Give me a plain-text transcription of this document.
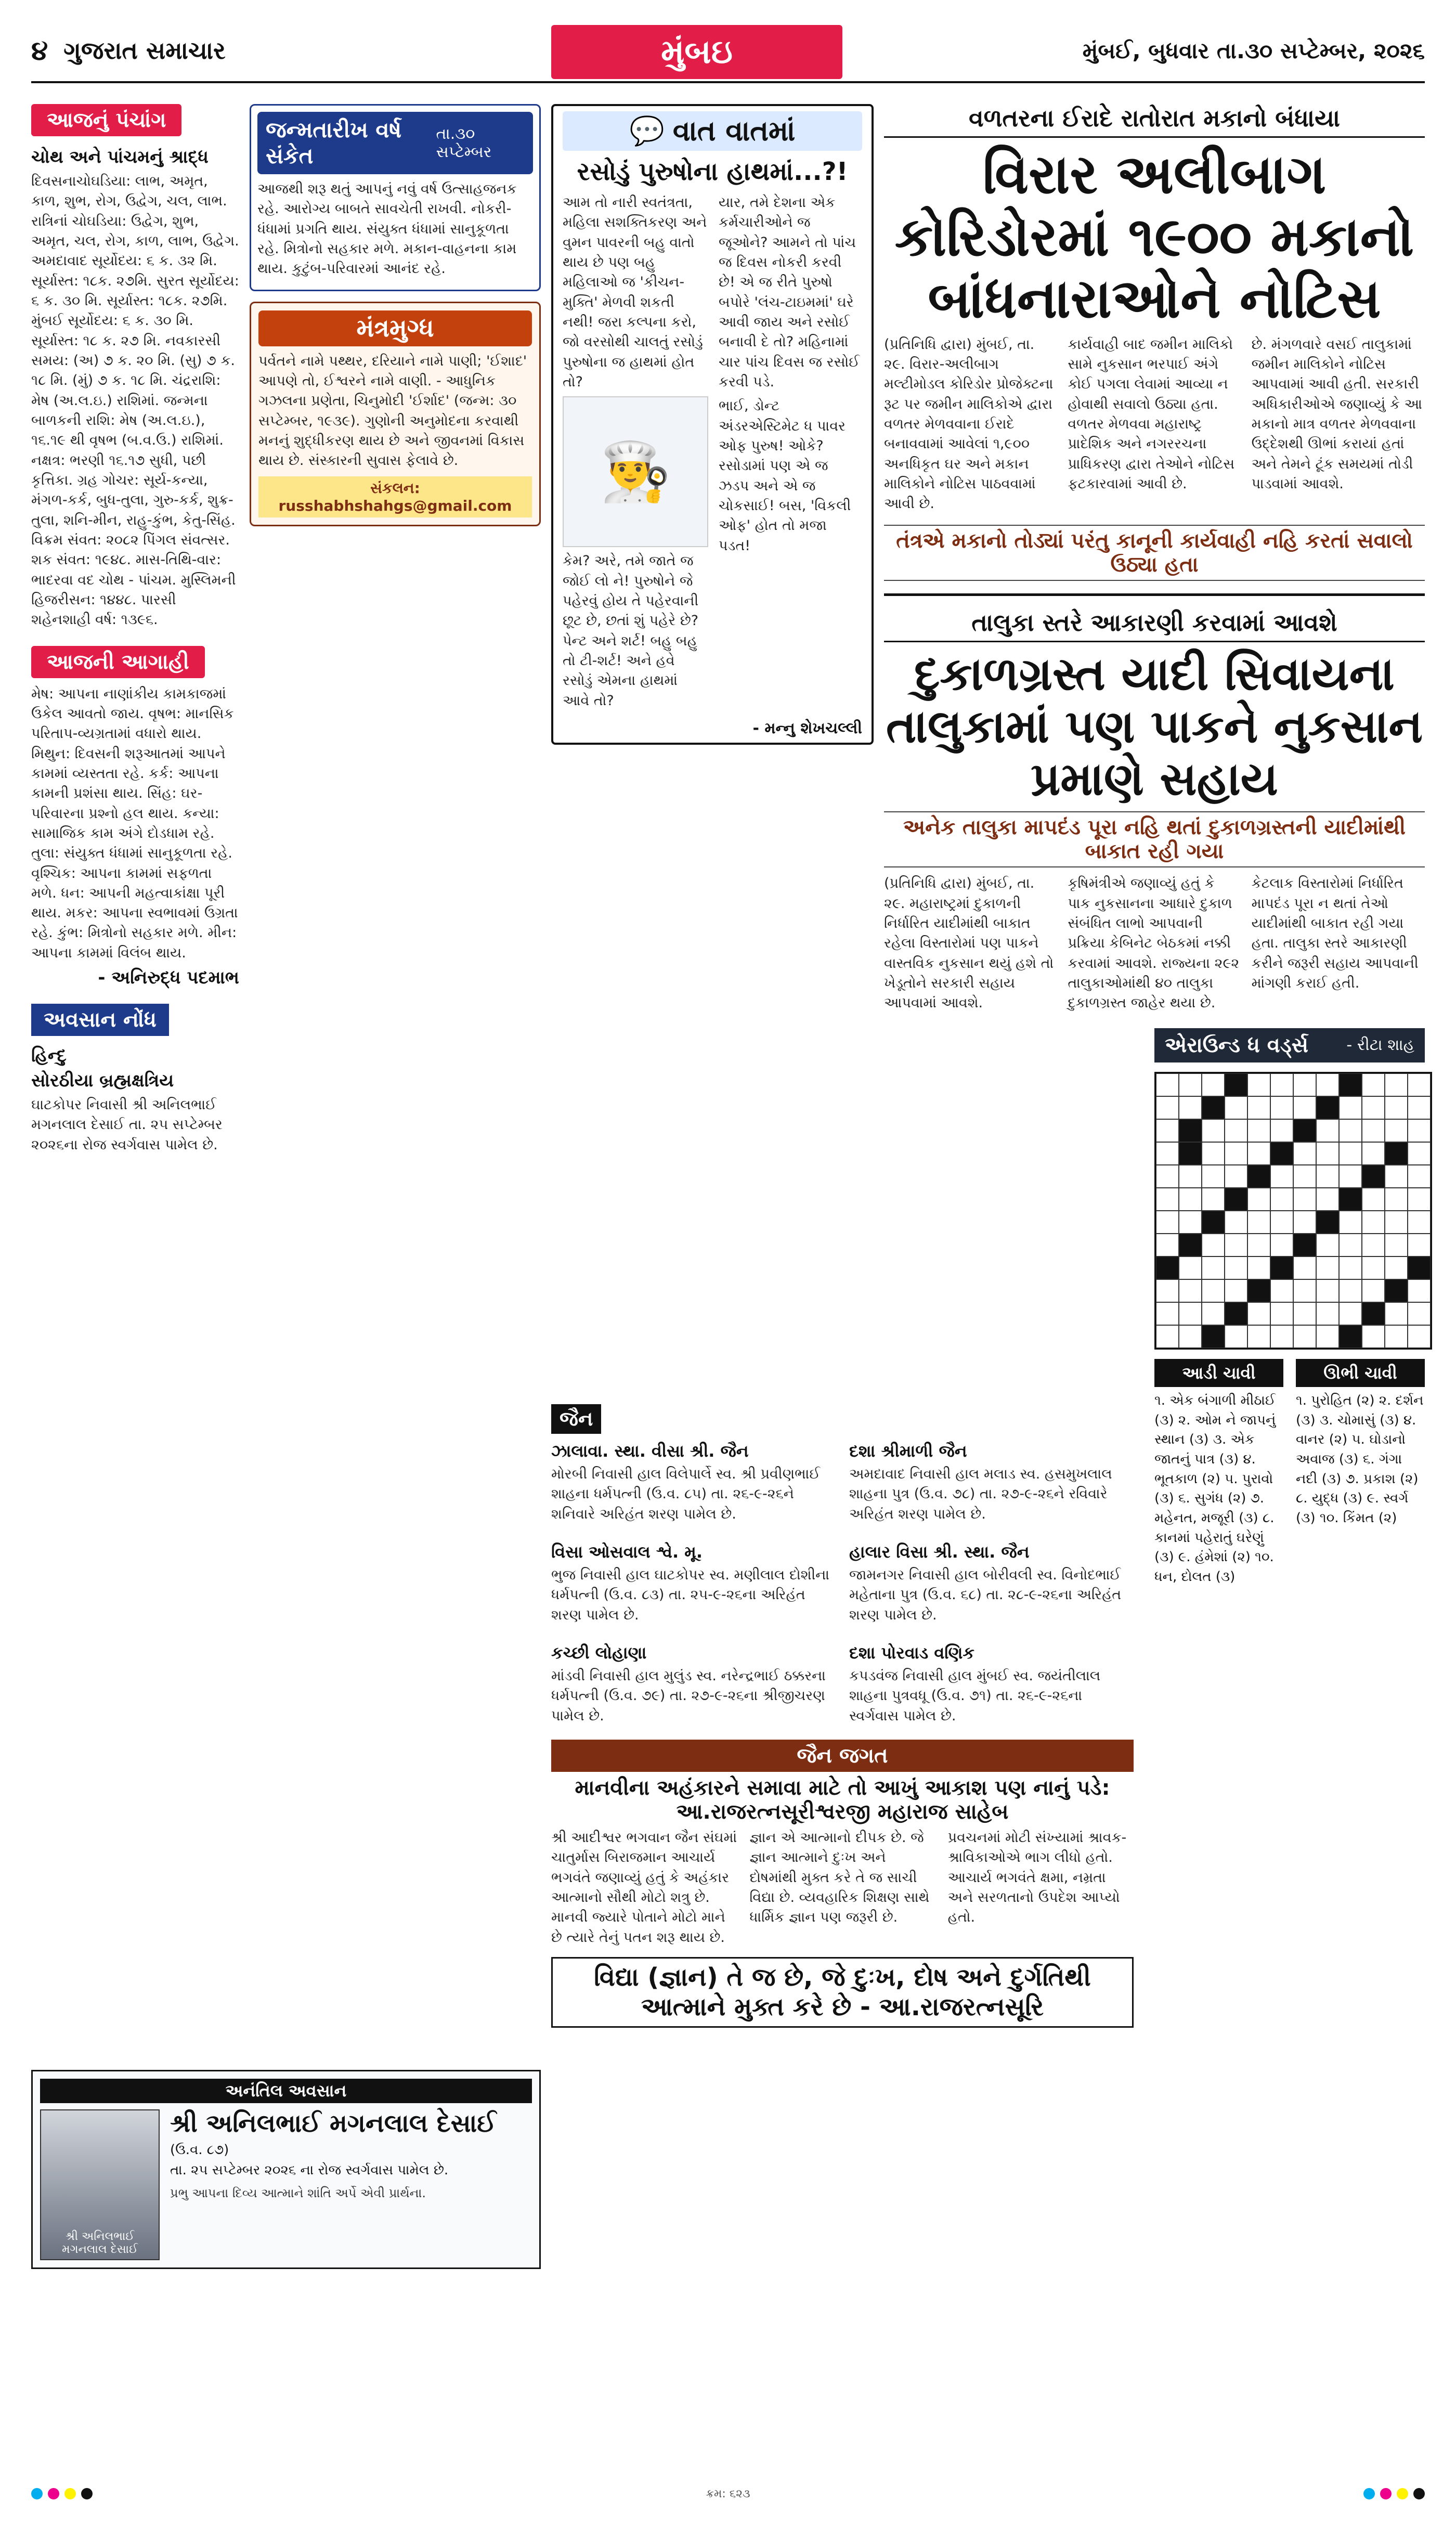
૪ ગુજરાત સમાચાર	મુંબઇ	મુંબઈ, બુધવાર તા.૩૦ સપ્ટેમ્બર, ૨૦૨૬
આજનું પંચાંગ
ચોથ અને પાંચમનું શ્રાદ્ધ
દિવસનાચોઘડિયા: લાભ, અમૃત, કાળ, શુભ, રોગ, ઉદ્વેગ, ચલ, લાભ. રાત્રિનાં ચોઘડિયા: ઉદ્વેગ, શુભ, અમૃત, ચલ, રોગ, કાળ, લાભ, ઉદ્વેગ. અમદાવાદ સૂર્યોદય: ૬ ક. ૩૨ મિ. સૂર્યાસ્ત: ૧૮ક. ૨૭મિ. સુરત સૂર્યોદય: ૬ ક. ૩૦ મિ. સૂર્યાસ્ત: ૧૮ક. ૨૭મિ. મુંબઈ સૂર્યોદય: ૬ ક. ૩૦ મિ. સૂર્યાસ્ત: ૧૮ ક. ૨૭ મિ. નવકારસી સમય: (અ) ૭ ક. ૨૦ મિ. (સુ) ૭ ક. ૧૮ મિ. (મું) ૭ ક. ૧૮ મિ. ચંદ્રરાશિ: મેષ (અ.લ.ઇ.) રાશિમાં. જન્મના બાળકની રાશિ: મેષ (અ.લ.ઇ.), ૧૬.૧૯ થી વૃષભ (બ.વ.ઉ.) રાશિમાં. નક્ષત્ર: ભરણી ૧૬.૧૭ સુધી, પછી કૃત્તિકા. ગ્રહ ગોચર: સૂર્ય-કન્યા, મંગળ-કર્ક, બુધ-તુલા, ગુરુ-કર્ક, શુક્ર-તુલા, શનિ-મીન, રાહુ-કુંભ, કેતુ-સિંહ. વિક્રમ સંવત: ૨૦૮૨ પિંગલ સંવત્સર. શક સંવત: ૧૯૪૮. માસ-તિથિ-વાર: ભાદરવા વદ ચોથ - પાંચમ. મુસ્લિમની હિજરીસન: ૧૪૪૮. પારસી શહેનશાહી વર્ષ: ૧૩૯૬.
આજની આગાહી
મેષ: આપના નાણાંકીય કામકાજમાં ઉકેલ આવતો જાય. વૃષભ: માનસિક પરિતાપ-વ્યગ્રતામાં વધારો થાય. મિથુન: દિવસની શરૂઆતમાં આપને કામમાં વ્યસ્તતા રહે. કર્ક: આપના કામની પ્રશંસા થાય. સિંહ: ઘર-પરિવારના પ્રશ્નો હલ થાય. કન્યા: સામાજિક કામ અંગે દોડધામ રહે. તુલા: સંયુક્ત ધંધામાં સાનુકૂળતા રહે. વૃશ્ચિક: આપના કામમાં સફળતા મળે. ધન: આપની મહત્વાકાંક્ષા પૂરી થાય. મકર: આપના સ્વભાવમાં ઉગ્રતા રહે. કુંભ: મિત્રોનો સહકાર મળે. મીન: આપના કામમાં વિલંબ થાય.
- અનિરુદ્ધ પદમાભ
અવસાન નોંધ
હિન્દુ
સોરઠીયા બ્રહ્મક્ષત્રિય
ઘાટકોપર નિવાસી શ્રી અનિલભાઈ મગનલાલ દેસાઈ તા. ૨૫ સપ્ટેમ્બર ૨૦૨૬ના રોજ સ્વર્ગવાસ પામેલ છે.
અનંતિલ અવસાન
શ્રી અનિલભાઈ મગનલાલ દેસાઈ
શ્રી અનિલભાઈ મગનલાલ દેસાઈ
(ઉ.વ. ૮૭)
તા. ૨૫ સપ્ટેમ્બર ૨૦૨૬ ના રોજ સ્વર્ગવાસ પામેલ છે.
પ્રભુ આપના દિવ્ય આત્માને શાંતિ અર્પે એવી પ્રાર્થના.
જન્મતારીખ વર્ષ સંકેત
તા.૩૦ સપ્ટેમ્બર
આજથી શરૂ થતું આપનું નવું વર્ષ ઉત્સાહજનક રહે. આરોગ્ય બાબતે સાવચેતી રાખવી. નોકરી-ધંધામાં પ્રગતિ થાય. સંયુક્ત ધંધામાં સાનુકૂળતા રહે. મિત્રોનો સહકાર મળે. મકાન-વાહનના કામ થાય. કુટુંબ-પરિવારમાં આનંદ રહે.
મંત્રમુગ્ધ
પર્વતને નામે પથ્થર, દરિયાને નામે પાણી; 'ઈશાદ' આપણે તો, ઈશ્વરને નામે વાણી. - આધુનિક ગઝલના પ્રણેતા, ચિનુમોદી 'ઈર્શાદ' (જન્મ: ૩૦ સપ્ટેમ્બર, ૧૯૩૯). ગુણોની અનુમોદના કરવાથી મનનું શુદ્ધીકરણ થાય છે અને જીવનમાં વિકાસ થાય છે. સંસ્કારની સુવાસ ફેલાવે છે.
સંકલન: russhabhshahgs@gmail.com
💬 વાત વાતમાં
રસોડું પુરુષોના હાથમાં...?!
આમ તો નારી સ્વતંત્રતા, મહિલા સશક્તિકરણ અને વુમન પાવરની બહુ વાતો થાય છે પણ બહુ મહિલાઓ જ 'કીચન-મુક્તિ' મેળવી શકતી નથી! જરા કલ્પના કરો, જો વરસોથી ચાલતું રસોડું પુરુષોના જ હાથમાં હોત તો?
👨‍🍳
કેમ? અરે, તમે જાતે જ જોઈ લો ને! પુરુષોને જે પહેરવું હોય તે પહેરવાની છૂટ છે, છતાં શું પહેરે છે? પેન્ટ અને શર્ટ! બહુ બહુ તો ટી-શર્ટ! અને હવે રસોડું એમના હાથમાં આવે તો?
યાર, તમે દેશના એક કર્મચારીઓને જ જૂઓને? આમને તો પાંચ જ દિવસ નોકરી કરવી છે! એ જ રીતે પુરુષો બપોરે 'લંચ-ટાઇમમાં' ઘરે આવી જાય અને રસોઈ બનાવી દે તો? મહિનામાં ચાર પાંચ દિવસ જ રસોઈ કરવી પડે.
ભાઈ, ડોન્ટ અંડરએસ્ટિમેટ ધ પાવર ઓફ પુરુષ! ઓકે? રસોડામાં પણ એ જ ઝડપ અને એ જ ચોકસાઈ! બસ, 'વિકલી ઓફ' હોત તો મજા પડત!
- મન્નુ શેખચલ્લી
વળતરના ઈરાદે રાતોરાત મકાનો બંધાયા
વિરાર અલીબાગ કોરિડોરમાં ૧૯૦૦ મકાનો બાંધનારાઓને નોટિસ
(પ્રતિનિધિ દ્વારા) મુંબઈ, તા. ૨૯. વિરાર-અલીબાગ મલ્ટીમોડલ કોરિડોર પ્રોજેક્ટના રૂટ પર જમીન માલિકોએ દ્વારા વળતર મેળવવાના ઈરાદે બનાવવામાં આવેલાં ૧,૯૦૦ અનધિકૃત ઘર અને મકાન માલિકોને નોટિસ પાઠવવામાં આવી છે.
કાર્યવાહી બાદ જમીન માલિકો સામે નુકસાન ભરપાઈ અંગે કોઈ પગલા લેવામાં આવ્યા ન હોવાથી સવાલો ઉઠ્યા હતા. વળતર મેળવવા મહારાષ્ટ્ર પ્રાદેશિક અને નગરરચના પ્રાધિકરણ દ્વારા તેઓને નોટિસ ફટકારવામાં આવી છે.
છે. મંગળવારે વસઈ તાલુકામાં જમીન માલિકોને નોટિસ આપવામાં આવી હતી. સરકારી અધિકારીઓએ જણાવ્યું કે આ મકાનો માત્ર વળતર મેળવવાના ઉદ્દેશથી ઊભાં કરાયાં હતાં અને તેમને ટૂંક સમયમાં તોડી પાડવામાં આવશે.
તંત્રએ મકાનો તોડ્યાં પરંતુ કાનૂની કાર્યવાહી નહિ કરતાં સવાલો ઉઠ્યા હતા
તાલુકા સ્તરે આકારણી કરવામાં આવશે
દુકાળગ્રસ્ત યાદી સિવાયના તાલુકામાં પણ પાકને નુકસાન પ્રમાણે સહાય
અનેક તાલુકા માપદંડ પૂરા નહિ થતાં દુકાળગ્રસ્તની યાદીમાંથી બાકાત રહી ગયા
(પ્રતિનિધિ દ્વારા) મુંબઈ, તા. ૨૯. મહારાષ્ટ્રમાં દુકાળની નિર્ધારિત યાદીમાંથી બાકાત રહેલા વિસ્તારોમાં પણ પાકને વાસ્તવિક નુકસાન થયું હશે તો ખેડૂતોને સરકારી સહાય આપવામાં આવશે.
કૃષિમંત્રીએ જણાવ્યું હતું કે પાક નુકસાનના આધારે દુકાળ સંબંધિત લાભો આપવાની પ્રક્રિયા કેબિનેટ બેઠકમાં નક્કી કરવામાં આવશે. રાજ્યના ૨૯૨ તાલુકાઓમાંથી ૪૦ તાલુકા દુકાળગ્રસ્ત જાહેર થયા છે.
કેટલાક વિસ્તારોમાં નિર્ધારિત માપદંડ પૂરા ન થતાં તેઓ યાદીમાંથી બાકાત રહી ગયા હતા. તાલુકા સ્તરે આકારણી કરીને જરૂરી સહાય આપવાની માંગણી કરાઈ હતી.
એરાઉન્ડ ધ વર્ડ્સ - રીટા શાહ
આડી ચાવી
૧. એક બંગાળી મીઠાઈ (૩) ૨. ઓમ ને જાપનું સ્થાન (૩) ૩. એક જાતનું પાત્ર (૩) ૪. ભૂતકાળ (૨) ૫. પુરાવો (૩) ૬. સુગંધ (૨) ૭. મહેનત, મજૂરી (૩) ૮. કાનમાં પહેરાતું ઘરેણું (૩) ૯. હંમેશાં (૨) ૧૦. ધન, દોલત (૩)
ઊભી ચાવી
૧. પુરોહિત (૨) ૨. દર્શન (૩) ૩. ચોમાસું (૩) ૪. વાનર (૨) ૫. ઘોડાનો અવાજ (૩) ૬. ગંગા નદી (૩) ૭. પ્રકાશ (૨) ૮. યુદ્ધ (૩) ૯. સ્વર્ગ (૩) ૧૦. કિંમત (૨)
જૈન
ઝાલાવા. સ્થા. વીસા શ્રી. જૈન
મોરબી નિવાસી હાલ વિલેપાર્લે સ્વ. શ્રી પ્રવીણભાઈ શાહના ધર્મપત્ની (ઉ.વ. ૮૫) તા. ૨૬-૯-૨૬ને શનિવારે અરિહંત શરણ પામેલ છે.
દશા શ્રીમાળી જૈન
અમદાવાદ નિવાસી હાલ મલાડ સ્વ. હસમુખલાલ શાહના પુત્ર (ઉ.વ. ૭૮) તા. ૨૭-૯-૨૬ને રવિવારે અરિહંત શરણ પામેલ છે.
વિસા ઓસવાલ શ્વે. મૂ.
ભુજ નિવાસી હાલ ઘાટકોપર સ્વ. મણીલાલ દોશીના ધર્મપત્ની (ઉ.વ. ૮૩) તા. ૨૫-૯-૨૬ના અરિહંત શરણ પામેલ છે.
હાલાર વિસા શ્રી. સ્થા. જૈન
જામનગર નિવાસી હાલ બોરીવલી સ્વ. વિનોદભાઈ મહેતાના પુત્ર (ઉ.વ. ૬૮) તા. ૨૮-૯-૨૬ના અરિહંત શરણ પામેલ છે.
કચ્છી લોહાણા
માંડવી નિવાસી હાલ મુલુંડ સ્વ. નરેન્દ્રભાઈ ઠક્કરના ધર્મપત્ની (ઉ.વ. ૭૯) તા. ૨૭-૯-૨૬ના શ્રીજીચરણ પામેલ છે.
દશા પોરવાડ વણિક
કપડવંજ નિવાસી હાલ મુંબઈ સ્વ. જયંતીલાલ શાહના પુત્રવધૂ (ઉ.વ. ૭૧) તા. ૨૬-૯-૨૬ના સ્વર્ગવાસ પામેલ છે.
જૈન જગત
માનવીના અહંકારને સમાવા માટે તો આખું આકાશ પણ નાનું પડે: આ.રાજરત્નસૂરીશ્વરજી મહારાજ સાહેબ
શ્રી આદીશ્વર ભગવાન જૈન સંઘમાં ચાતુર્માસ બિરાજમાન આચાર્ય ભગવંતે જણાવ્યું હતું કે અહંકાર આત્માનો સૌથી મોટો શત્રુ છે. માનવી જ્યારે પોતાને મોટો માને છે ત્યારે તેનું પતન શરૂ થાય છે.
જ્ઞાન એ આત્માનો દીપક છે. જે જ્ઞાન આત્માને દુઃખ અને દોષમાંથી મુક્ત કરે તે જ સાચી વિદ્યા છે. વ્યવહારિક શિક્ષણ સાથે ધાર્મિક જ્ઞાન પણ જરૂરી છે.
પ્રવચનમાં મોટી સંખ્યામાં શ્રાવક-શ્રાવિકાઓએ ભાગ લીધો હતો. આચાર્ય ભગવંતે ક્ષમા, નમ્રતા અને સરળતાનો ઉપદેશ આપ્યો હતો.
વિદ્યા (જ્ઞાન) તે જ છે, જે દુઃખ, દોષ અને દુર્ગતિથી આત્માને મુક્ત કરે છે - આ.રાજરત્નસૂરિ
ક્રમ: ૬૨૩
